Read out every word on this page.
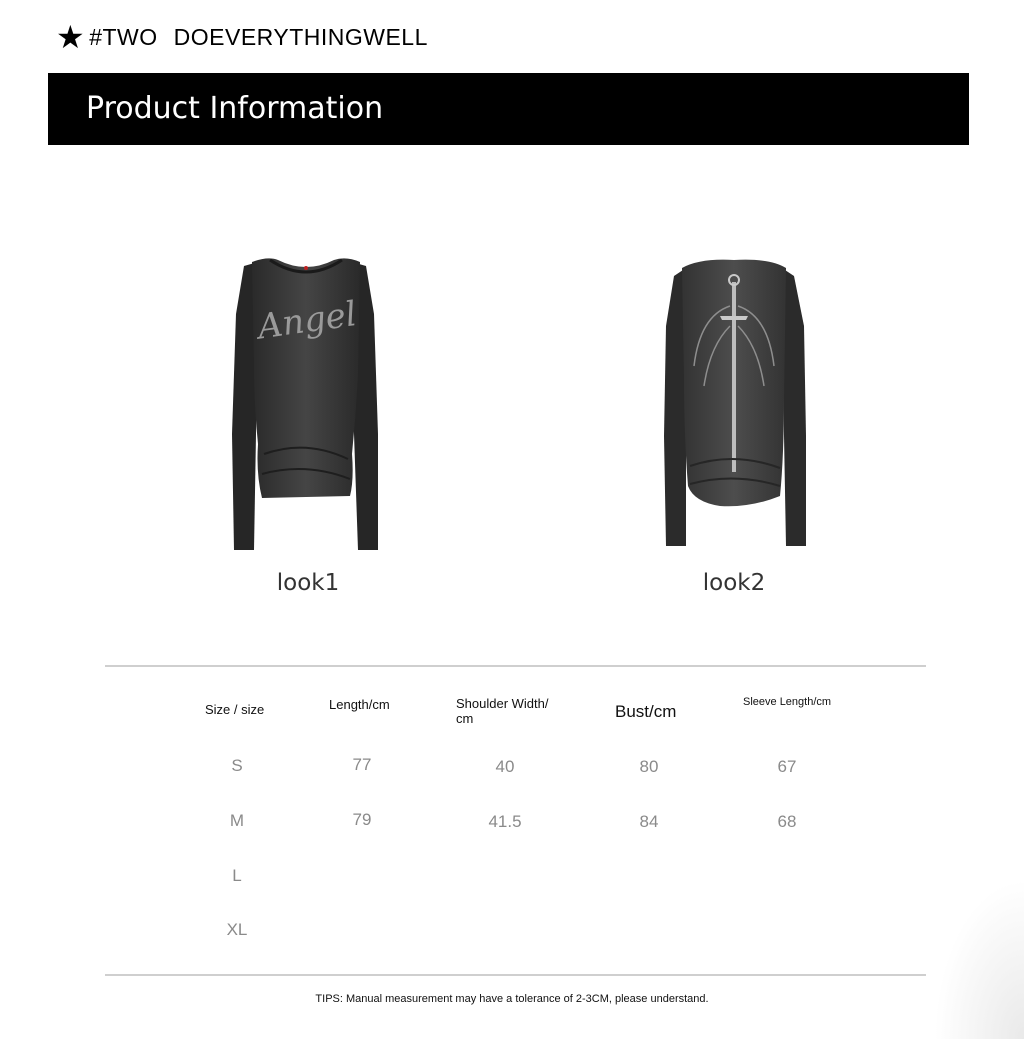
★ #TWO DOEVERYTHINGWELL
Product Information
Angel
look1	look2
Size / size	Length/cm	Shoulder Width/ cm	Bust/cm	Sleeve Length/cm
S	77	40	80	67
M	79	41.5	84	68
L
XL
TIPS: Manual measurement may have a tolerance of 2-3CM, please understand.
